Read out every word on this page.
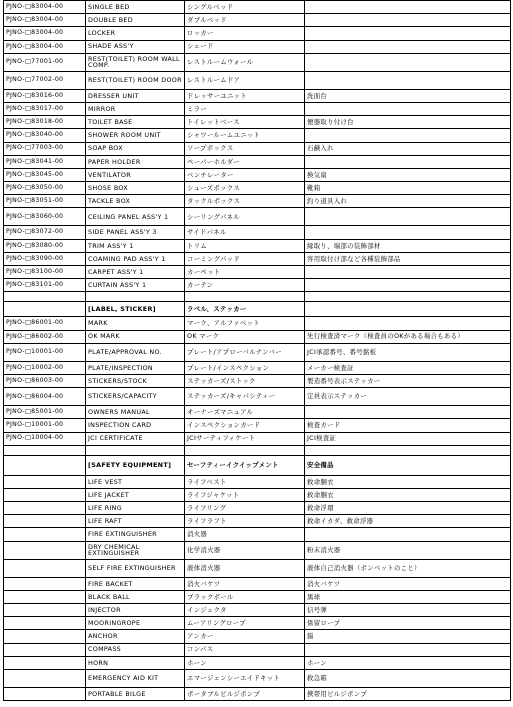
PJNO-□83004-00	SINGLE BED	シングルベッド	
PJNO-□83004-00	DOUBLE BED	ダブルベッド	
PJNO-□83004-00	LOCKER	ロッカー	
PJNO-□83004-00	SHADE ASS'Y	シェード	
PJNO-□77001-00	REST(TOILET) ROOM WALL COMP.	レストルームウォール	
PJNO-□77002-00	REST(TOILET) ROOM DOOR	レストルームドア	
PJNO-□83016-00	DRESSER UNIT	ドレッサーユニット	洗面台
PJNO-□83017-00	MIRROR	ミラー	
PJNO-□83018-00	TOILET BASE	トイレットベース	便器取り付け台
PJNO-□83040-00	SHOWER ROOM UNIT	シャワールームユニット	
PJNO-□77003-00	SOAP BOX	ソープボックス	石鹸入れ
PJNO-□83041-00	PAPER HOLDER	ペーパーホルダー	
PJNO-□83045-00	VENTILATOR	ベンチレーター	換気扇
PJNO-□83050-00	SHOSE BOX	シューズボックス	靴箱
PJNO-□83051-00	TACKLE BOX	タックルボックス	釣り道具入れ
PJNO-□83060-00	CEILING PANEL ASS'Y 1	シーリングパネル	
PJNO-□83072-00	SIDE PANEL ASS'Y 3	サイドパネル	
PJNO-□83080-00	TRIM ASS'Y 1	トリム	縁取り、端部の装飾部材
PJNO-□83090-00	COAMING PAD ASS'Y 1	コーミングパッド	客用取付け部など各種装飾部品
PJNO-□83100-00	CARPET ASS'Y 1	カーペット	
PJNO-□83101-00	CURTAIN ASS'Y 1	カーテン	

	[LABEL, STICKER]	ラベル、ステッカー	
PJNO-□86001-00	MARK	マーク、アルファベット	
PJNO-□86002-00	OK MARK	OK マーク	先行検査済マーク（検査員のOKがある場合もある）
PJNO-□10001-00	PLATE/APPROVAL NO.	プレート/アプローバルナンバー	JCI承認番号、番号銘板
PJNO-□10002-00	PLATE/INSPECTION	プレート/インスペクション	メーカー検査証
PJNO-□86003-00	STICKERS/STOCK	ステッカーズ/ストック	製造番号表示ステッカー
PJNO-□86004-00	STICKERS/CAPACITY	ステッカーズ/キャパシティー	定員表示ステッカー
PJNO-□85001-00	OWNERS MANUAL	オーナーズマニュアル	
PJNO-□10001-00	INSPECTION CARD	インスペクションカード	検査カード
PJNO-□10004-00	JCI CERTIFICATE	JCIサーティフィケート	JCI検査証

	[SAFETY EQUIPMENT]	セーフティーイクイップメント	安全備品
	LIFE VEST	ライフベスト	救命胴衣
	LIFE JACKET	ライフジャケット	救命胴衣
	LIFE RING	ライフリング	救命浮環
	LIFE RAFT	ライフラフト	救命イカダ、救命浮器
	FIRE EXTINGUISHER	消火器	
	DRY CHEMICAL EXTINGUISHER	化学消火器	粉末消火器
	SELF FIRE EXTINGUISHER	液体消火器	液体自己消火器（ボンベットのこと）
	FIRE BACKET	消火バケツ	消火バケツ
	BLACK BALL	ブラックボール	黒球
	INJECTOR	インジェクタ	信号弾
	MOORINGROPE	ムーアリングロープ	係留ロープ
	ANCHOR	アンカー	錨
	COMPASS	コンパス	
	HORN	ホーン	ホーン
	EMERGENCY AID KIT	エマージェンシーエイドキット	救急箱
	PORTABLE BILGE	ポータブルビルジポンプ	携帯用ビルジポンプ
